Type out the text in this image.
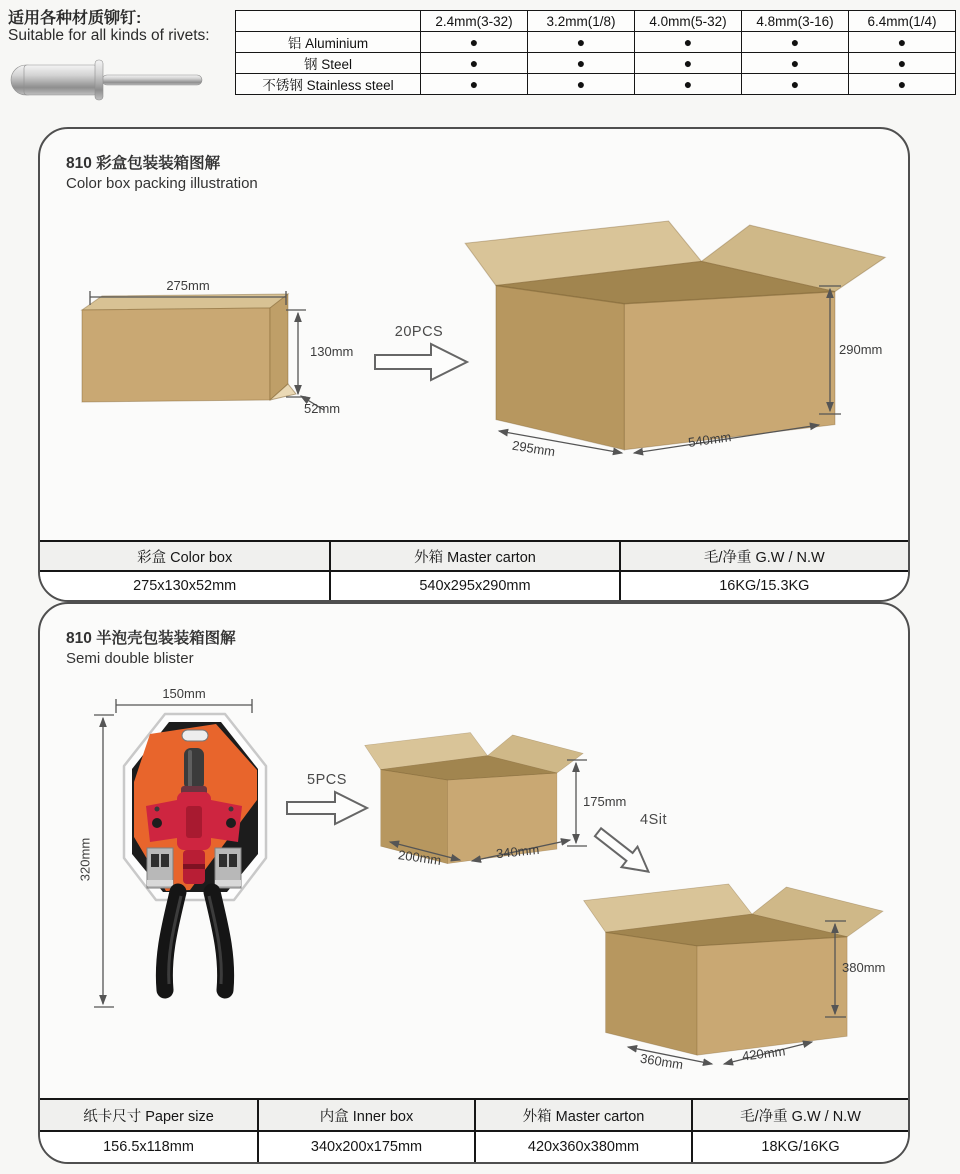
适用各种材质铆钉:
Suitable for all kinds of rivets:
	2.4mm(3-32)	3.2mm(1/8)	4.0mm(5-32)	4.8mm(3-16)	6.4mm(1/4)
铝 Aluminium	●	●	●	●	●
钢 Steel	●	●	●	●	●
不锈钢 Stainless steel	●	●	●	●	●
810 彩盒包装装箱图解
Color box packing illustration
275mm
130mm
52mm
20PCS
290mm
295mm	540mm
彩盒 Color box	外箱 Master carton	毛/净重 G.W / N.W
275x130x52mm	540x295x290mm	16KG/15.3KG
810 半泡壳包装装箱图解
Semi double blister
150mm
320mm
5PCS
175mm
200mm	340mm
4Sit
380mm
360mm	420mm
纸卡尺寸 Paper size	内盒 Inner box	外箱 Master carton	毛/净重 G.W / N.W
156.5x118mm	340x200x175mm	420x360x380mm	18KG/16KG
